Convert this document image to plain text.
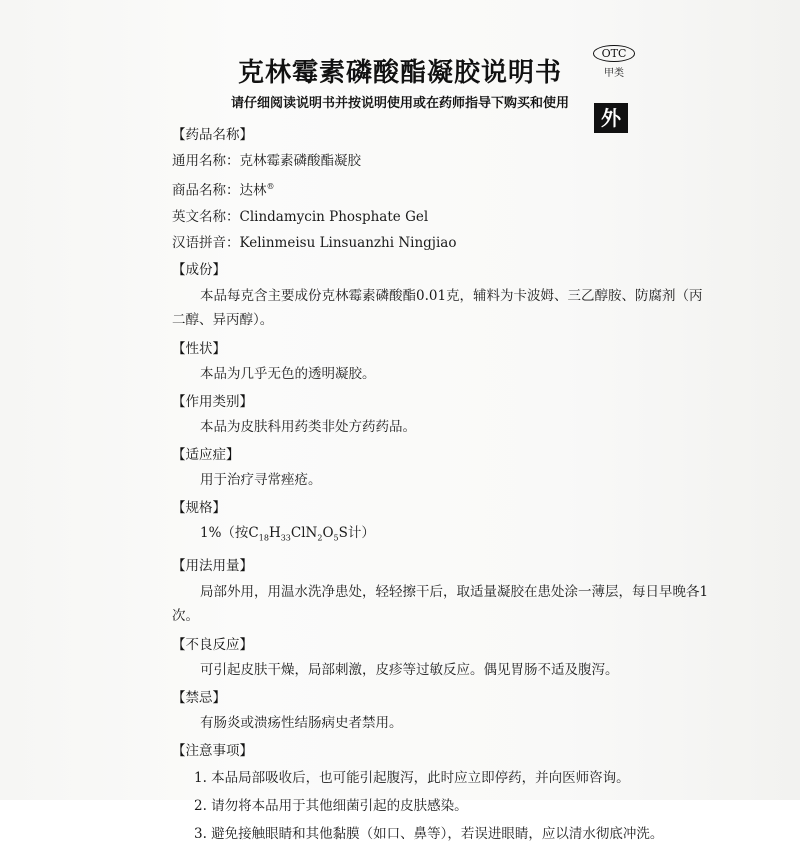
克林霉素磷酸酯凝胶说明书
请仔细阅读说明书并按说明使用或在药师指导下购买和使用
OTC
甲类
外
【药品名称】
通用名称：克林霉素磷酸酯凝胶
商品名称：达林®
英文名称：Clindamycin Phosphate Gel
汉语拼音：Kelinmeisu Linsuanzhi Ningjiao
【成份】
本品每克含主要成份克林霉素磷酸酯0.01克，辅料为卡波姆、三乙醇胺、防腐剂（丙二醇、异丙醇）。
【性状】
本品为几乎无色的透明凝胶。
【作用类别】
本品为皮肤科用药类非处方药药品。
【适应症】
用于治疗寻常痤疮。
【规格】
1%（按$C_{18}H_{33}ClN_2O_5S$计）
【用法用量】
局部外用，用温水洗净患处，轻轻擦干后，取适量凝胶在患处涂一薄层，每日早晚各1次。
【不良反应】
可引起皮肤干燥，局部刺激，皮疹等过敏反应。偶见胃肠不适及腹泻。
【禁忌】
有肠炎或溃疡性结肠病史者禁用。
【注意事项】
1. 本品局部吸收后，也可能引起腹泻，此时应立即停药，并向医师咨询。
2. 请勿将本品用于其他细菌引起的皮肤感染。
3. 避免接触眼睛和其他黏膜（如口、鼻等），若误进眼睛，应以清水彻底冲洗。
